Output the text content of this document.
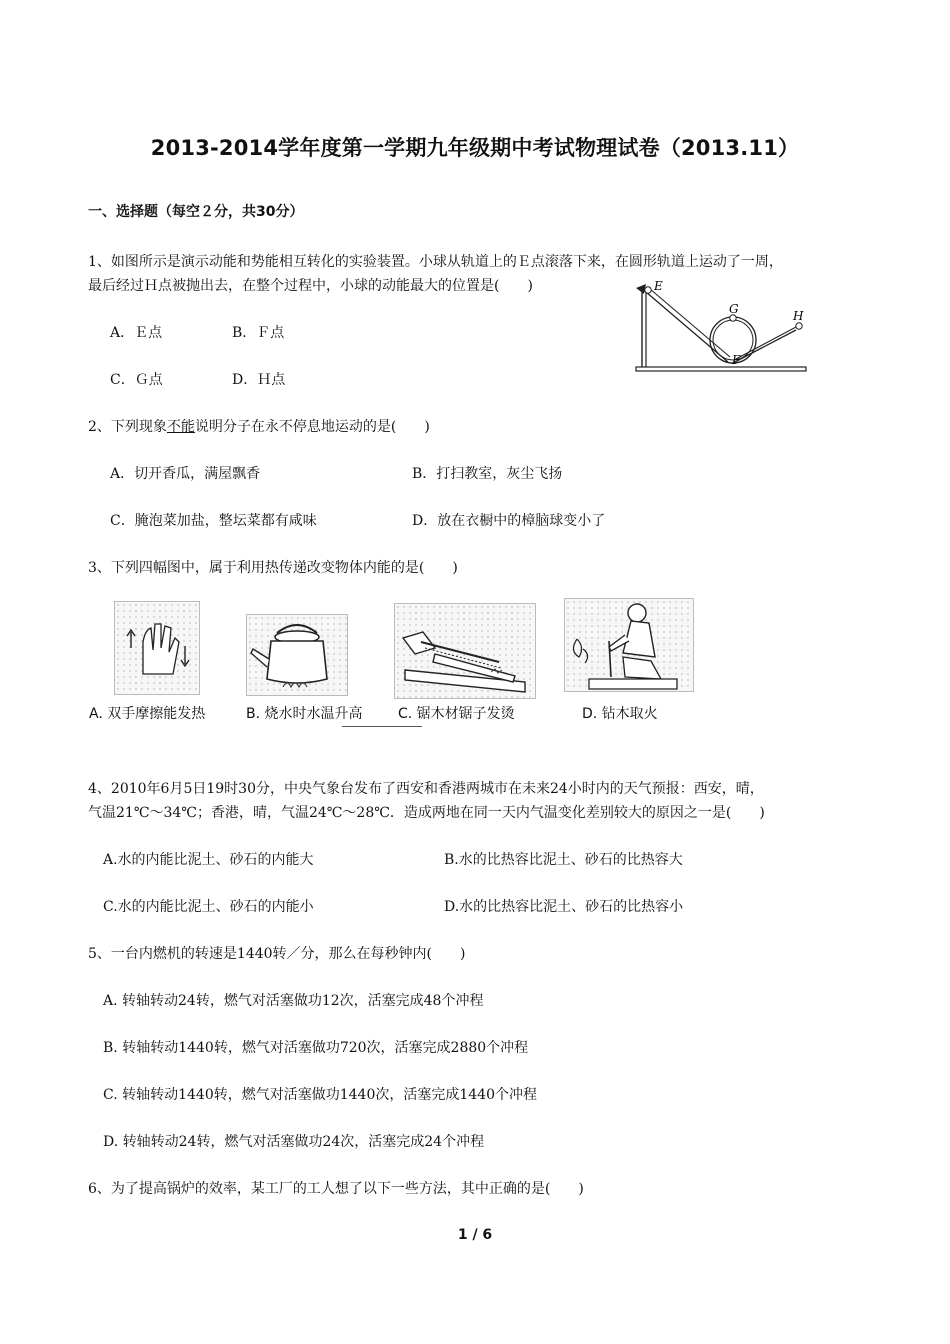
2013-2014学年度第一学期九年级期中考试物理试卷（2013.11）
一、选择题（每空２分，共30分）
1、如图所示是演示动能和势能相互转化的实验装置。小球从轨道上的Ｅ点滚落下来，在圆形轨道上运动了一周，
最后经过Ｈ点被抛出去，在整个过程中，小球的动能最大的位置是(　　)
A．Ｅ点	B．Ｆ点
C．Ｇ点	D．Ｈ点
E
F
G	H
2、下列现象不能说明分子在永不停息地运动的是(　　)
A．切开香瓜，满屋飘香	B．打扫教室，灰尘飞扬
C．腌泡菜加盐，整坛菜都有咸味	D．放在衣橱中的樟脑球变小了
3、下列四幅图中，属于利用热传递改变物体内能的是(　　)
A. 双手摩擦能发热	B. 烧水时水温升高	C. 锯木材锯子发烫	D. 钻木取火
4、2010年6月5日19时30分，中央气象台发布了西安和香港两城市在未来24小时内的天气预报：西安，晴，
气温21℃～34℃；香港，晴，气温24℃～28℃．造成两地在同一天内气温变化差别较大的原因之一是(　　)
A.水的内能比泥土、砂石的内能大	B.水的比热容比泥土、砂石的比热容大
C.水的内能比泥土、砂石的内能小	D.水的比热容比泥土、砂石的比热容小
5、一台内燃机的转速是1440转／分，那么在每秒钟内(　　)
A. 转轴转动24转，燃气对活塞做功12次，活塞完成48个冲程
B. 转轴转动1440转，燃气对活塞做功720次，活塞完成2880个冲程
C. 转轴转动1440转，燃气对活塞做功1440次，活塞完成1440个冲程
D. 转轴转动24转，燃气对活塞做功24次，活塞完成24个冲程
6、为了提高锅炉的效率，某工厂的工人想了以下一些方法，其中正确的是(　　)
1 / 6
